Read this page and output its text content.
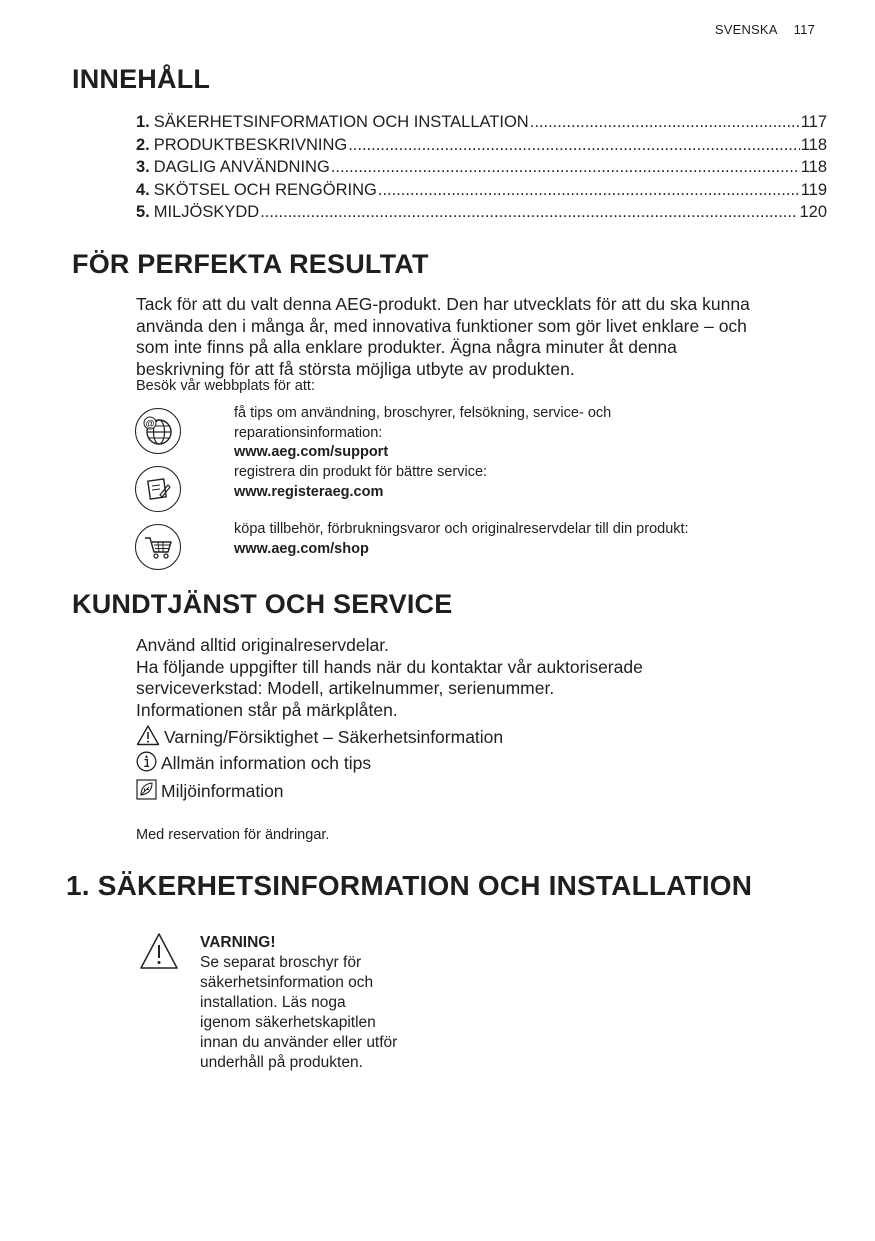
SVENSKA 117
INNEHÅLL
1. SÄKERHETSINFORMATION OCH INSTALLATION .....	117
2. PRODUKTBESKRIVNING .....	118
3. DAGLIG ANVÄNDNING .....	118
4. SKÖTSEL OCH RENGÖRING .....	119
5. MILJÖSKYDD .....	120
FÖR PERFEKTA RESULTAT
Tack för att du valt denna AEG-produkt. Den har utvecklats för att du ska kunna
använda den i många år, med innovativa funktioner som gör livet enklare – och
som inte finns på alla enklare produkter. Ägna några minuter åt denna
beskrivning för att få största möjliga utbyte av produkten.
Besök vår webbplats för att:
@
få tips om användning, broschyrer, felsökning, service- och
reparationsinformation:
www.aeg.com/support
registrera din produkt för bättre service:
www.registeraeg.com
köpa tillbehör, förbrukningsvaror och originalreservdelar till din produkt:
www.aeg.com/shop
KUNDTJÄNST OCH SERVICE
Använd alltid originalreservdelar.
Ha följande uppgifter till hands när du kontaktar vår auktoriserade
serviceverkstad: Modell, artikelnummer, serienummer.
Informationen står på märkplåten.
Varning/Försiktighet – Säkerhetsinformation
Allmän information och tips
Miljöinformation
Med reservation för ändringar.
1. SÄKERHETSINFORMATION OCH INSTALLATION
VARNING!
Se separat broschyr för
säkerhetsinformation och
installation. Läs noga
igenom säkerhetskapitlen
innan du använder eller utför
underhåll på produkten.
